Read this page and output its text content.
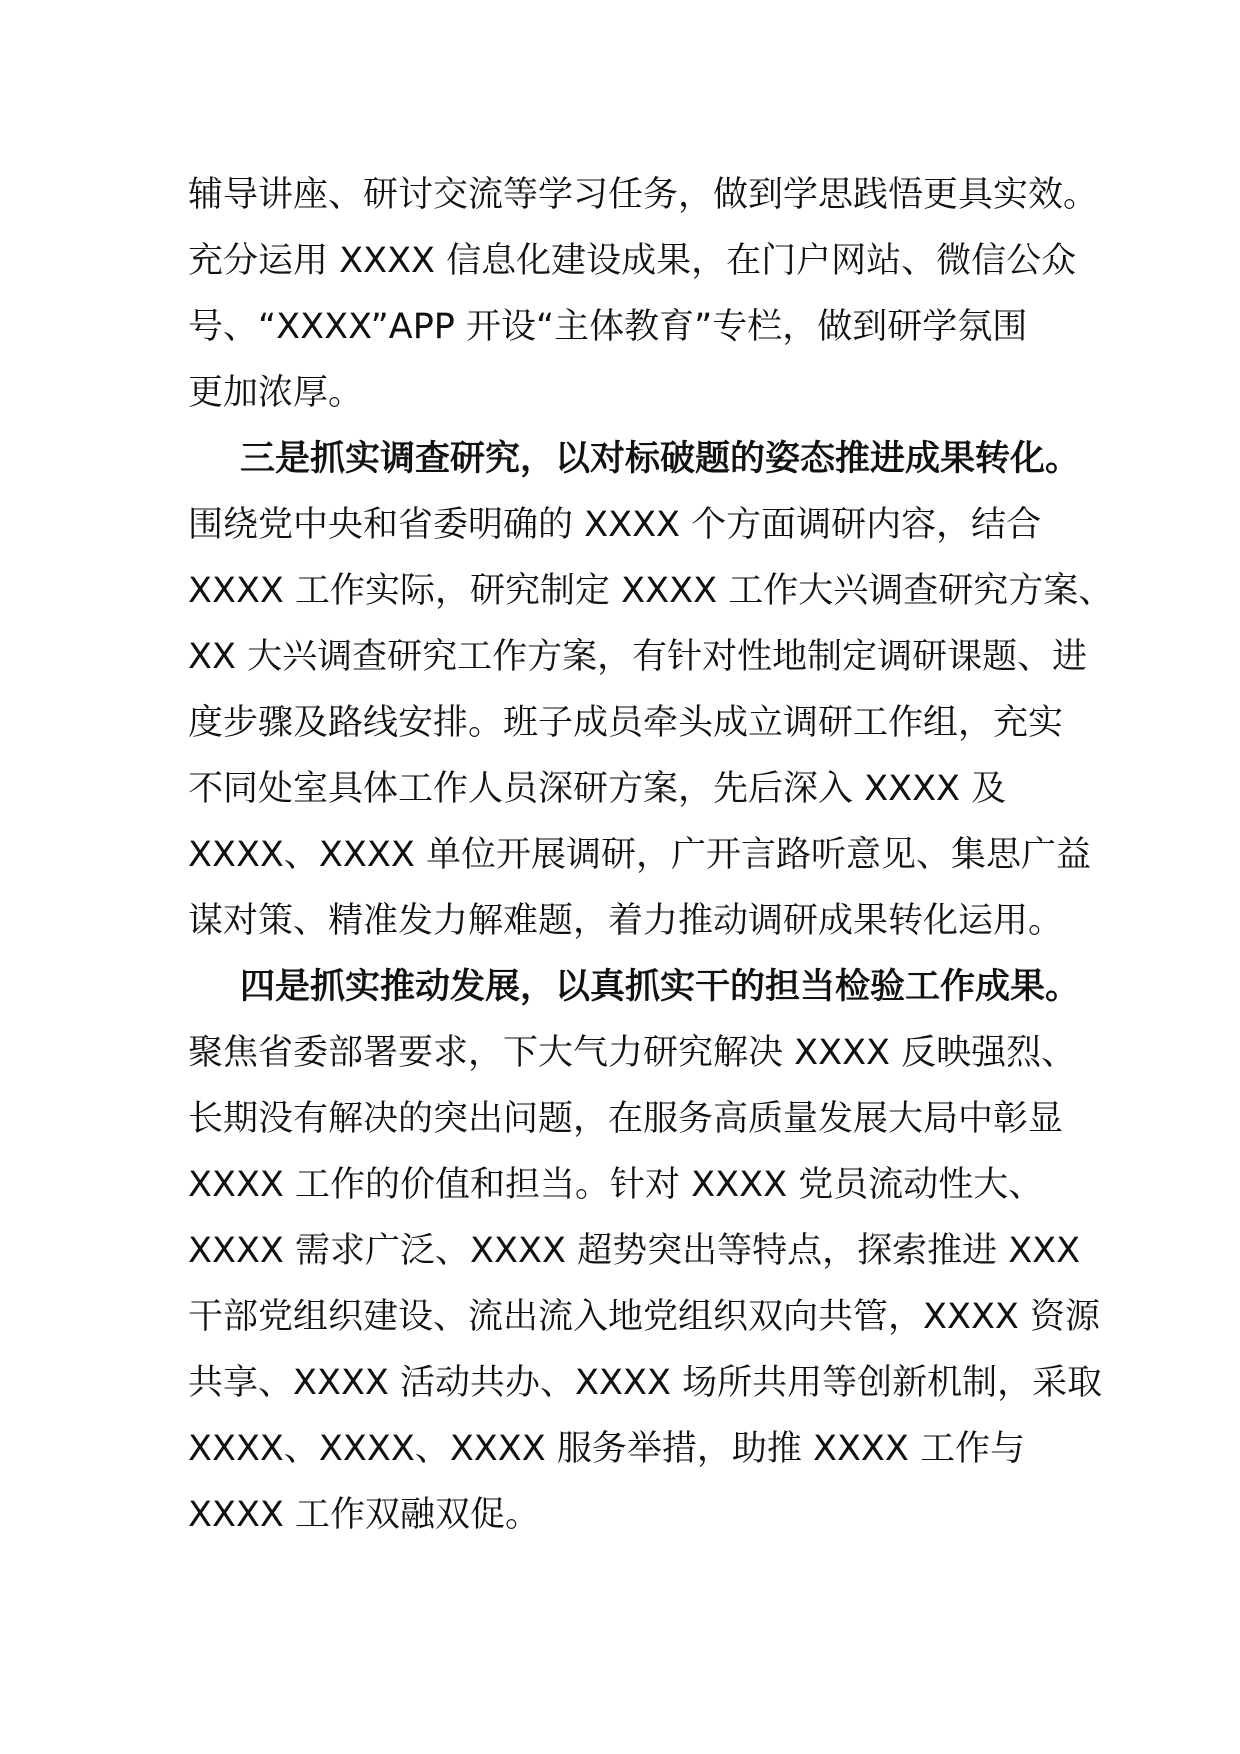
辅导讲座、研讨交流等学习任务，做到学思践悟更具实效。
充分运用 XXXX 信息化建设成果，在门户网站、微信公众
号、“XXXX”APP 开设“主体教育”专栏，做到研学氛围
更加浓厚。
三是抓实调查研究，以对标破题的姿态推进成果转化。
围绕党中央和省委明确的 XXXX 个方面调研内容，结合
XXXX 工作实际，研究制定 XXXX 工作大兴调查研究方案、
XX 大兴调查研究工作方案，有针对性地制定调研课题、进
度步骤及路线安排。班子成员牵头成立调研工作组，充实
不同处室具体工作人员深研方案，先后深入 XXXX 及
XXXX、XXXX 单位开展调研，广开言路听意见、集思广益
谋对策、精准发力解难题，着力推动调研成果转化运用。
四是抓实推动发展，以真抓实干的担当检验工作成果。
聚焦省委部署要求，下大气力研究解决 XXXX 反映强烈、
长期没有解决的突出问题，在服务高质量发展大局中彰显
XXXX 工作的价值和担当。针对 XXXX 党员流动性大、
XXXX 需求广泛、XXXX 超势突出等特点，探索推进 XXX
干部党组织建设、流出流入地党组织双向共管，XXXX 资源
共享、XXXX 活动共办、XXXX 场所共用等创新机制，采取
XXXX、XXXX、XXXX 服务举措，助推 XXXX 工作与
XXXX 工作双融双促。
